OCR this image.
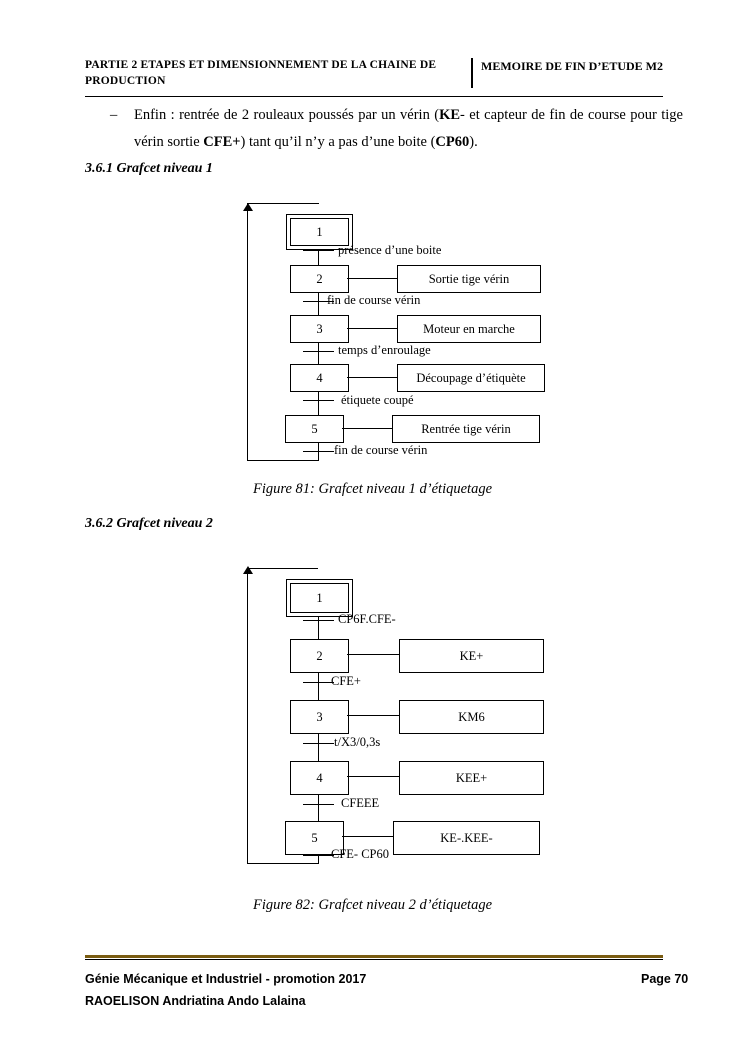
PARTIE 2 ETAPES ET DIMENSIONNEMENT DE LA CHAINE DE PRODUCTION
MEMOIRE DE FIN D’ETUDE M2
– Enfin : rentrée de 2 rouleaux poussés par un vérin (KE- et capteur de fin de course pour tige vérin sortie CFE+) tant qu’il n’y a pas d’une boite (CP60).
3.6.1 Grafcet niveau 1
1
présence d’une boite
2	Sortie tige vérin
fin de course vérin
3	Moteur en marche
temps d’enroulage
4	Découpage d’étiquète
étiquete coupé
5	Rentrée tige vérin
fin de course vérin
Figure 81: Grafcet niveau 1 d’étiquetage
3.6.2 Grafcet niveau 2
1
CP6F.CFE-
2	KE+
CFE+
3	KM6
t/X3/0,3s
4	KEE+
CFEEE
5	KE-.KEE-
CFE- CP60
Figure 82: Grafcet niveau 2 d’étiquetage
Génie Mécanique et Industriel - promotion 2017	Page 70
RAOELISON Andriatina Ando Lalaina
